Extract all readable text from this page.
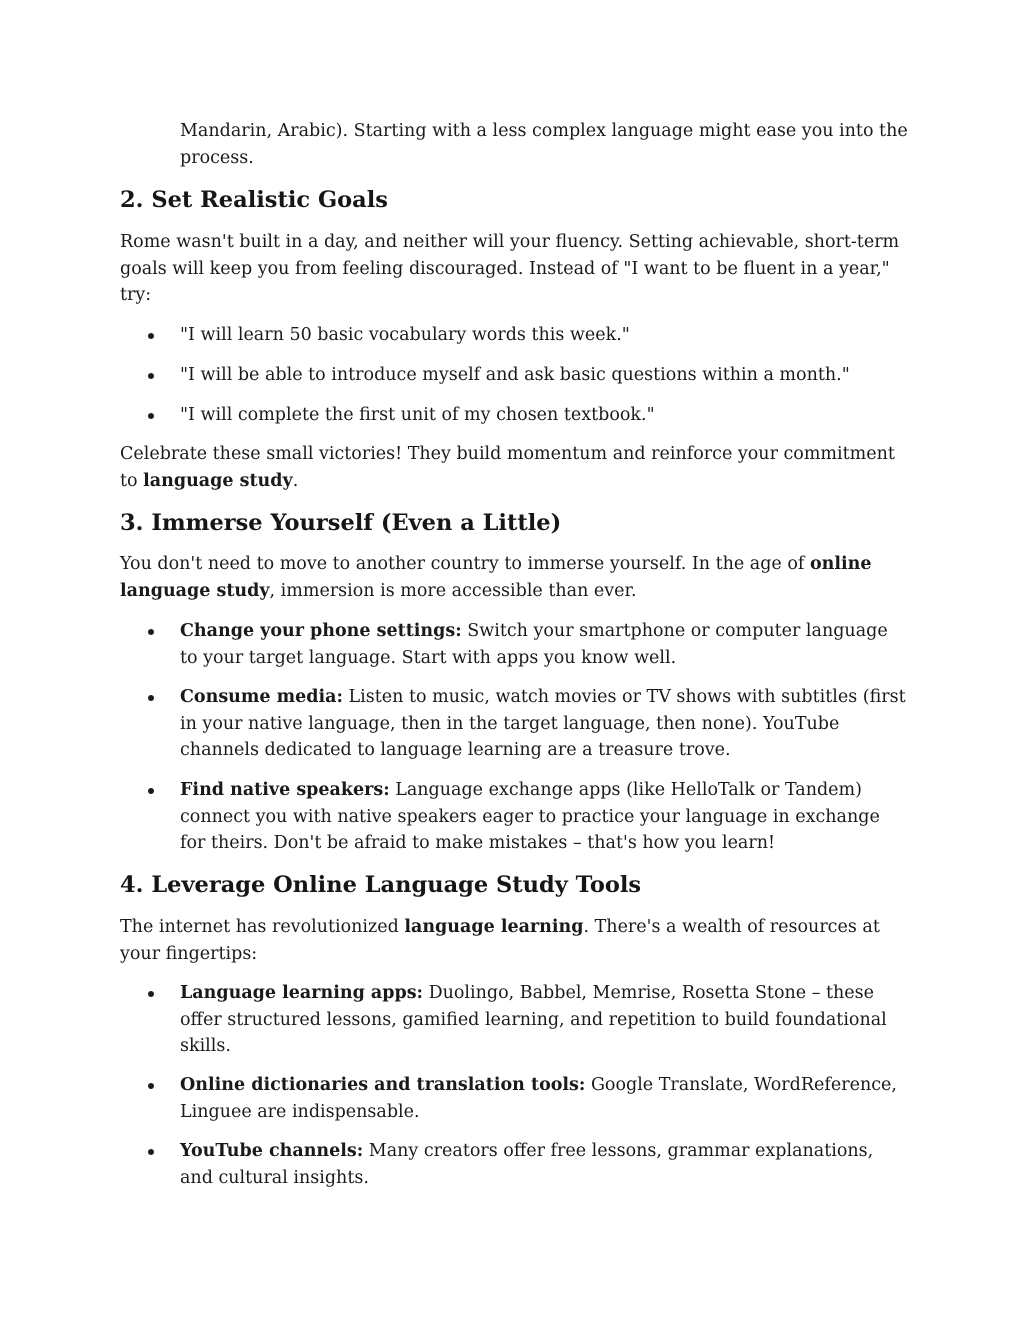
Mandarin, Arabic). Starting with a less complex language might ease you into the process.

2. Set Realistic Goals

Rome wasn't built in a day, and neither will your fluency. Setting achievable, short-term goals will keep you from feeling discouraged. Instead of "I want to be fluent in a year," try:

"I will learn 50 basic vocabulary words this week."

"I will be able to introduce myself and ask basic questions within a month."

"I will complete the first unit of my chosen textbook."

Celebrate these small victories! They build momentum and reinforce your commitment to language study.

3. Immerse Yourself (Even a Little)

You don't need to move to another country to immerse yourself. In the age of online language study, immersion is more accessible than ever.

Change your phone settings: Switch your smartphone or computer language to your target language. Start with apps you know well.

Consume media: Listen to music, watch movies or TV shows with subtitles (first in your native language, then in the target language, then none). YouTube channels dedicated to language learning are a treasure trove.

Find native speakers: Language exchange apps (like HelloTalk or Tandem) connect you with native speakers eager to practice your language in exchange for theirs. Don't be afraid to make mistakes – that's how you learn!

4. Leverage Online Language Study Tools

The internet has revolutionized language learning. There's a wealth of resources at your fingertips:

Language learning apps: Duolingo, Babbel, Memrise, Rosetta Stone – these offer structured lessons, gamified learning, and repetition to build foundational skills.

Online dictionaries and translation tools: Google Translate, WordReference, Linguee are indispensable.

YouTube channels: Many creators offer free lessons, grammar explanations, and cultural insights.
